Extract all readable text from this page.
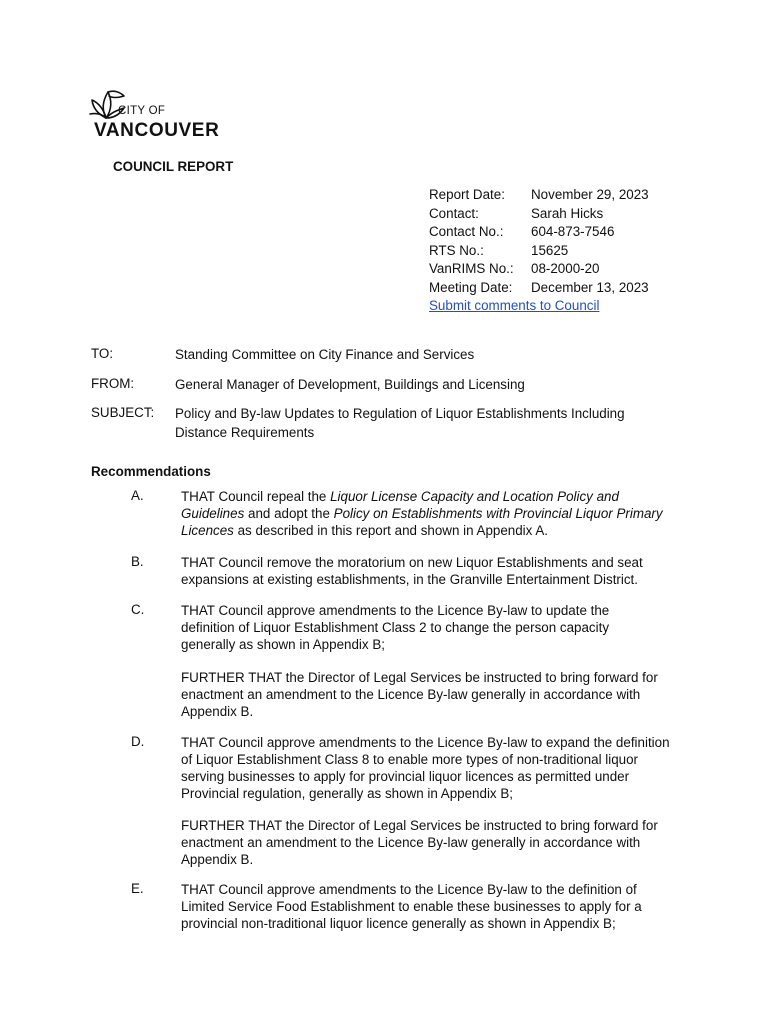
CITY OF
VANCOUVER
COUNCIL REPORT
Report Date:	November 29, 2023
Contact:	Sarah Hicks
Contact No.:	604-873-7546
RTS No.:	15625
VanRIMS No.:	08-2000-20
Meeting Date:	December 13, 2023
Submit comments to Council
TO:	Standing Committee on City Finance and Services
FROM:	General Manager of Development, Buildings and Licensing
SUBJECT:	Policy and By-law Updates to Regulation of Liquor Establishments Including Distance Requirements
Recommendations
A.	THAT Council repeal the Liquor License Capacity and Location Policy and Guidelines and adopt the Policy on Establishments with Provincial Liquor Primary Licences as described in this report and shown in Appendix A.
B.	THAT Council remove the moratorium on new Liquor Establishments and seat expansions at existing establishments, in the Granville Entertainment District.
C.	THAT Council approve amendments to the Licence By-law to update the definition of Liquor Establishment Class 2 to change the person capacity generally as shown in Appendix B;
FURTHER THAT the Director of Legal Services be instructed to bring forward for enactment an amendment to the Licence By-law generally in accordance with Appendix B.
D.	THAT Council approve amendments to the Licence By-law to expand the definition of Liquor Establishment Class 8 to enable more types of non-traditional liquor serving businesses to apply for provincial liquor licences as permitted under Provincial regulation, generally as shown in Appendix B;
FURTHER THAT the Director of Legal Services be instructed to bring forward for enactment an amendment to the Licence By-law generally in accordance with Appendix B.
E.	THAT Council approve amendments to the Licence By-law to the definition of Limited Service Food Establishment to enable these businesses to apply for a provincial non-traditional liquor licence generally as shown in Appendix B;
